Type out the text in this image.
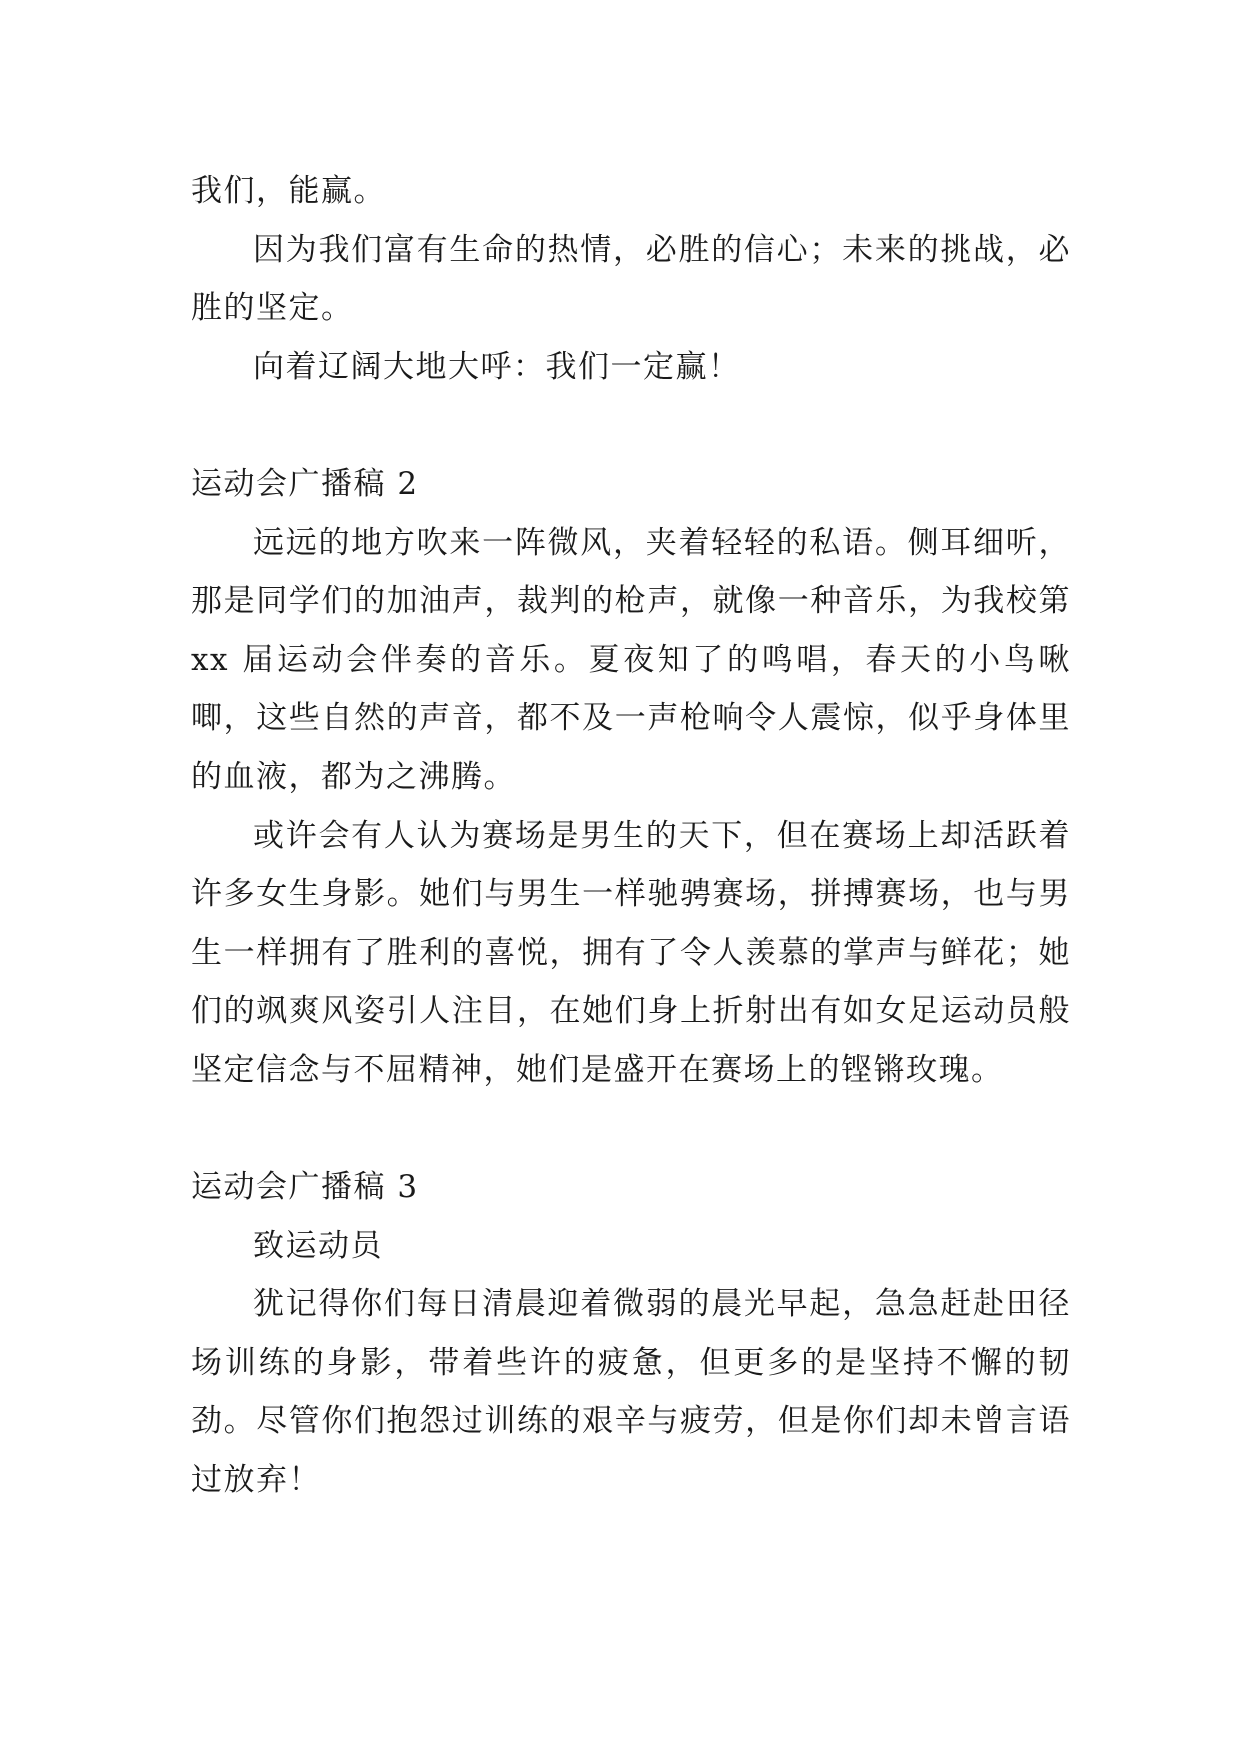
我们，能赢。

因为我们富有生命的热情，必胜的信心；未来的挑战，必胜的坚定。

向着辽阔大地大呼：我们一定赢！

运动会广播稿 2

远远的地方吹来一阵微风，夹着轻轻的私语。侧耳细听，那是同学们的加油声，裁判的枪声，就像一种音乐，为我校第 xx 届运动会伴奏的音乐。夏夜知了的鸣唱，春天的小鸟啾唧，这些自然的声音，都不及一声枪响令人震惊，似乎身体里的血液，都为之沸腾。

或许会有人认为赛场是男生的天下，但在赛场上却活跃着许多女生身影。她们与男生一样驰骋赛场，拼搏赛场，也与男生一样拥有了胜利的喜悦，拥有了令人羡慕的掌声与鲜花；她们的飒爽风姿引人注目，在她们身上折射出有如女足运动员般坚定信念与不屈精神，她们是盛开在赛场上的铿锵玫瑰。

运动会广播稿 3

致运动员

犹记得你们每日清晨迎着微弱的晨光早起，急急赶赴田径场训练的身影，带着些许的疲惫，但更多的是坚持不懈的韧劲。尽管你们抱怨过训练的艰辛与疲劳，但是你们却未曾言语过放弃！
